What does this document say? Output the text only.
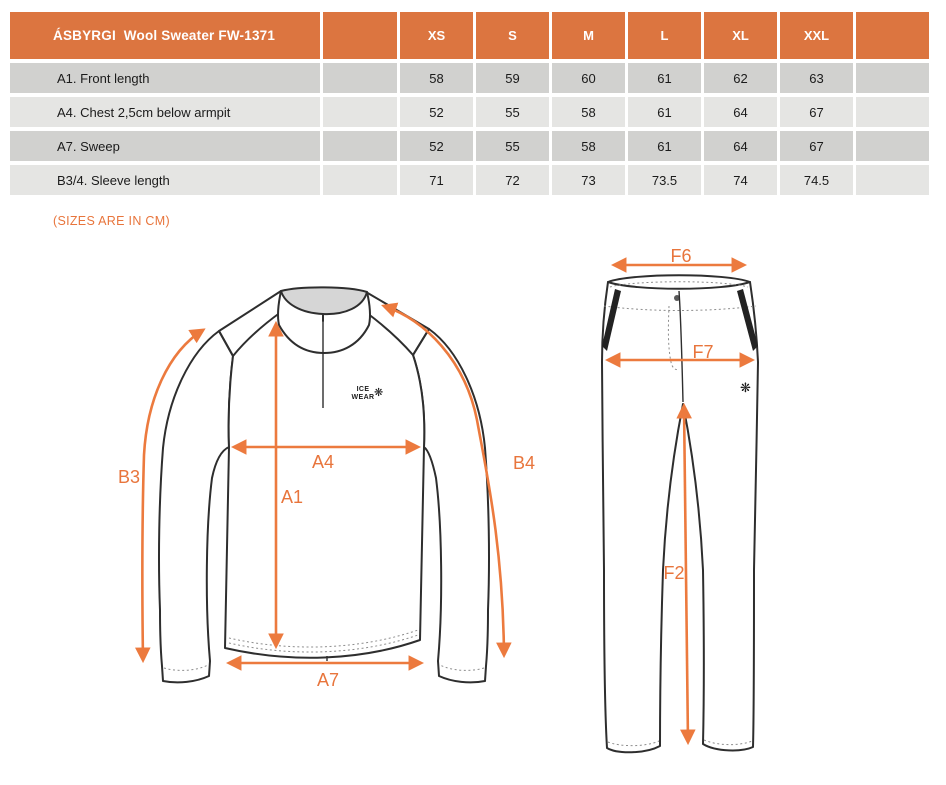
ÁSBYRGI  Wool Sweater FW-1371	XS	S	M	L	XL	XXL
A1. Front length	58	59	60	61	62	63
A4. Chest 2,5cm below armpit	52	55	58	61	64	67
A7. Sweep	52	55	58	61	64	67
B3/4. Sleeve length	71	72	73	73.5	74	74.5
(SIZES ARE IN CM)
ICE
WEAR ❋	❋
B3
A4
A1
B4
A7
F6
F7
F2
